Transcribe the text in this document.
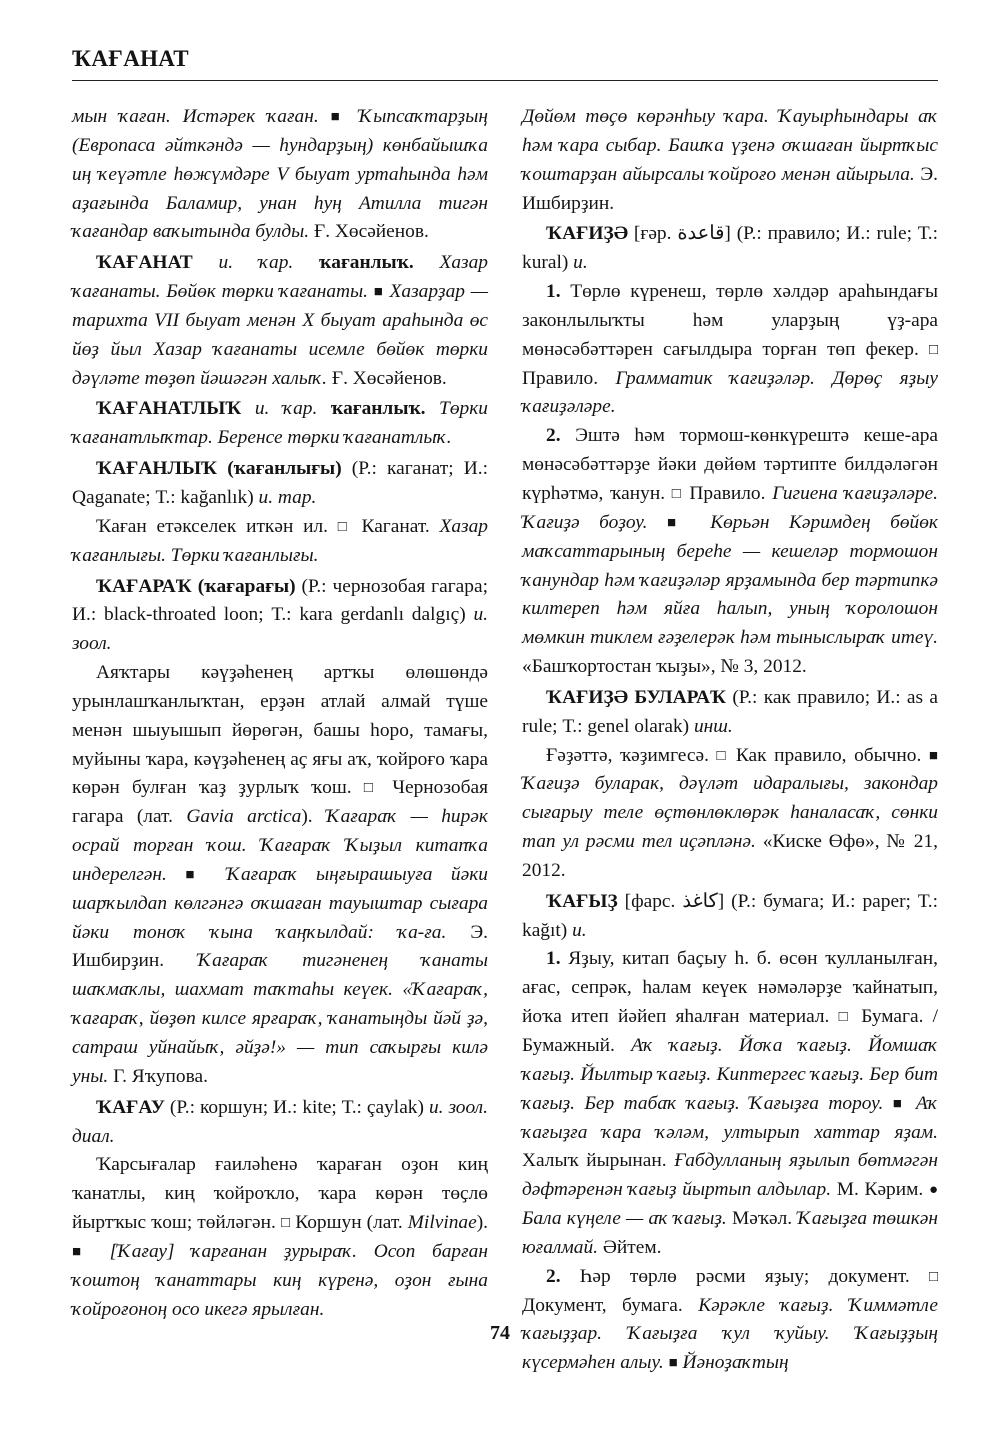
ҠАҒАНАТ

мын ҡаған. Истәрек ҡаған. ■ Ҡыпсаҡтарҙың (Европаса әйткәндә — һундарҙың) көнбайышҡа иң ҡеүәтле һөжүмдәре V быуат уртаһында һәм аҙағында Баламир, унан һуң Атилла тигән ҡағандар ваҡытында булды. Ғ. Хөсәйенов.

ҠАҒАНАТ и. ҡар. ҡағанлыҡ. Хазар ҡағанаты. Бөйөк төрки ҡағанаты. ■ Хазарҙар — тарихта VII быуат менән X быуат араһында өс йөҙ йыл Хазар ҡағанаты исемле бөйөк төрки дәүләте төҙөп йәшәгән халыҡ. Ғ. Хөсәйенов.

ҠАҒАНАТЛЫҠ и. ҡар. ҡағанлыҡ. Төрки ҡағанатлыҡтар. Беренсе төрки ҡағанатлыҡ.

ҠАҒАНЛЫҠ (ҡағанлығы) (Р.: каганат; И.: Qaganate; Т.: kağanlık) и. тар.

Ҡаған етәкселек иткән ил. □ Каганат. Хазар ҡағанлығы. Төрки ҡағанлығы.

ҠАҒАРАҠ (ҡағарағы) (Р.: чернозобая гагара; И.: black-throated loon; Т.: kara gerdanlı dalgıç) и. зоол.

Аяҡтары кәүҙәһенең артҡы өлөшөндә урынлашҡанлыҡтан, ерҙән атлай алмай түше менән шыуышып йөрөгән, башы һоро, тамағы, муйыны ҡара, кәүҙәһенең аҫ яғы аҡ, ҡойроғо ҡара көрән булған ҡаҙ ҙурлыҡ ҡош. □ Чернозобая гагара (лат. Gavia arctica). Ҡағараҡ — һирәк осрай торған ҡош. Ҡағараҡ Ҡыҙыл китапҡа индерелгән. ■ Ҡағараҡ ыңғырашыуға йәки шарҡылдап көлгәнгә оҡшаған тауыштар сығара йәки тоноҡ ҡына ҡаңҡылдай: ҡа-ға. Э. Ишбирҙин. Ҡағараҡ тигәненең ҡанаты шаҡмаҡлы, шахмат таҡтаһы кеүек. «Ҡағараҡ, ҡағараҡ, йөҙөп килсе ярғараҡ, ҡанатыңды йәй ҙә, сатраш уйнайыҡ, әйҙә!» — тип саҡырғы килә уны. Г. Яҡупова.

ҠАҒАУ (Р.: коршун; И.: kite; Т.: çaylak) и. зоол. диал.

Ҡарсығалар ғаиләһенә ҡараған оҙон киң ҡанатлы, киң ҡойроҡло, ҡара көрән төҫлө йыртҡыс ҡош; төйләгән. □ Коршун (лат. Milvinae). ■ [Ҡағау] ҡарғанан ҙурыраҡ. Осоп барған ҡоштоң ҡанаттары киң күренә, оҙон ғына ҡойроғоноң осо икегә ярылған.

Дөйөм төҫө көрәнһыу ҡара. Ҡауырһындары аҡ һәм ҡара сыбар. Башҡа үҙенә оҡшаған йыртҡыс ҡоштарҙан айырсалы ҡойроғо менән айырыла. Э. Ишбирҙин.

ҠАҒИҘӘ [ғәр. قاعدة] (Р.: правило; И.: rule; Т.: kural) и.

1. Төрлө күренеш, төрлө хәлдәр араһындағы законлылыҡты һәм уларҙың үҙ-ара мөнәсәбәттәрен сағылдыра торған төп фекер. □ Правило. Грамматик ҡағиҙәләр. Дөрөҫ яҙыу ҡағиҙәләре.

2. Эштә һәм тормош-көнкүрештә кеше-ара мөнәсәбәттәрҙе йәки дөйөм тәртипте билдәләгән күрһәтмә, ҡанун. □ Правило. Гигиена ҡағиҙәләре. Ҡағиҙә боҙоу. ■ Көрьән Кәримдең бөйөк маҡсаттарының береһе — кешеләр тормошон ҡанундар һәм ҡағиҙәләр ярҙамында бер тәртипкә килтереп һәм яйға һалып, уның ҡоролошон мөмкин тиклем ғәҙелерәк һәм тыныслыраҡ итеү. «Башҡортостан ҡыҙы», № 3, 2012.

ҠАҒИҘӘ БУЛАРАҠ (Р.: как правило; И.: as a rule; Т.: genel olarak) инш.

Ғәҙәттә, ҡәҙимгесә. □ Как правило, обычно. ■ Ҡағиҙә буларак, дәүләт идаралығы, закондар сығарыу теле өҫтөнлөклөрәк һаналасаҡ, сөнки тап ул рәсми тел иҫәпләнә. «Киске Өфө», № 21, 2012.

ҠАҒЫҘ [фарс. كاغذ] (Р.: бумага; И.: paper; Т.: kağıt) и.

1. Яҙыу, китап баҫыу һ. б. өсөн ҡулланылған, ағас, сепрәк, һалам кеүек нәмәләрҙе ҡайнатып, йоҡа итеп йәйеп яһалған материал. □ Бумага. / Бумажный. Аҡ ҡағыҙ. Йоҡа ҡағыҙ. Йомшаҡ ҡағыҙ. Йылтыр ҡағыҙ. Киптергес ҡағыҙ. Бер бит ҡағыҙ. Бер табаҡ ҡағыҙ. Ҡағыҙға тороу. ■ Аҡ ҡағыҙға ҡара ҡәләм, ултырып хаттар яҙам. Халыҡ йырынан. Ғабдулланың яҙылып бөтмәгән дәфтәренән ҡағыҙ йыртып алдылар. М. Кәрим. ● Бала күңеле — аҡ ҡағыҙ. Мәҡәл. Ҡағыҙға төшкән юғалмай. Әйтем.

2. Һәр төрлө рәсми яҙыу; документ. □ Документ, бумага. Кәрәкле ҡағыҙ. Ҡиммәтле ҡағыҙҙар. Ҡағыҙға ҡул ҡуйыу. Ҡағыҙҙың күсермәһен алыу. ■ Йәноҙаҡтың

74
